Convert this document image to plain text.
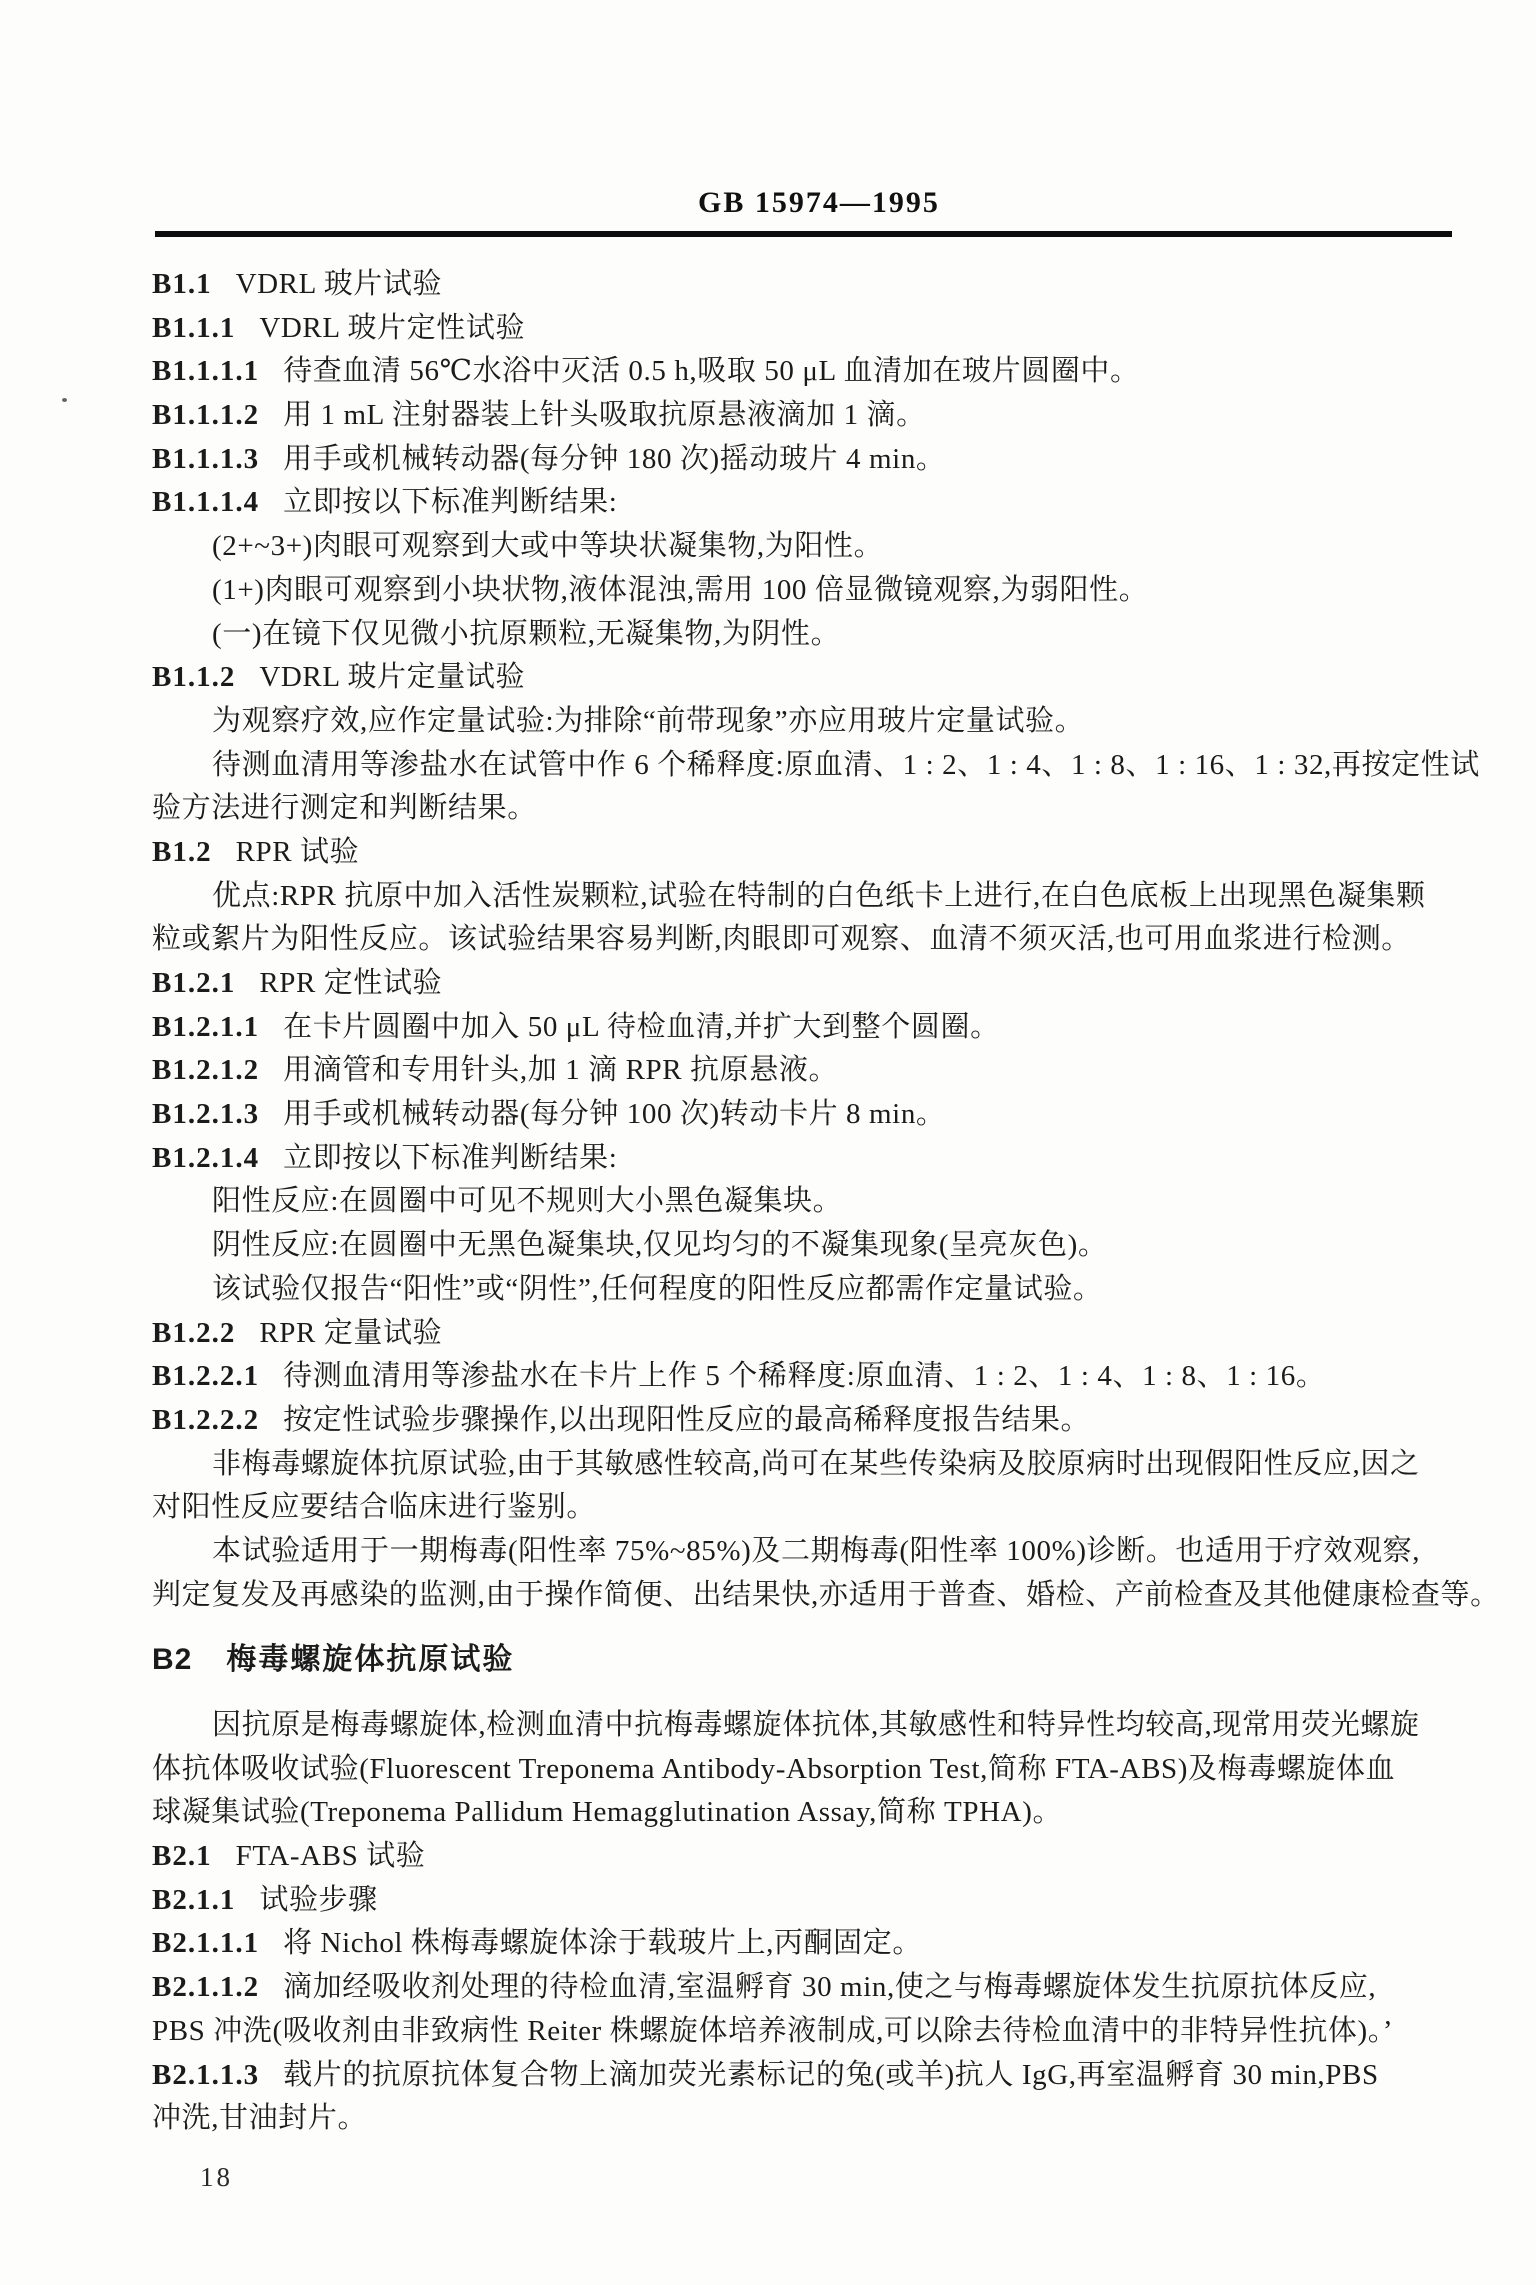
GB 15974—1995
B1.1 VDRL 玻片试验
B1.1.1 VDRL 玻片定性试验
B1.1.1.1 待查血清 56℃水浴中灭活 0.5 h,吸取 50 μL 血清加在玻片圆圈中。
B1.1.1.2 用 1 mL 注射器装上针头吸取抗原悬液滴加 1 滴。
B1.1.1.3 用手或机械转动器(每分钟 180 次)摇动玻片 4 min。
B1.1.1.4 立即按以下标准判断结果:
(2+~3+)肉眼可观察到大或中等块状凝集物,为阳性。
(1+)肉眼可观察到小块状物,液体混浊,需用 100 倍显微镜观察,为弱阳性。
(一)在镜下仅见微小抗原颗粒,无凝集物,为阴性。
B1.1.2 VDRL 玻片定量试验
为观察疗效,应作定量试验:为排除“前带现象”亦应用玻片定量试验。
待测血清用等渗盐水在试管中作 6 个稀释度:原血清、1 : 2、1 : 4、1 : 8、1 : 16、1 : 32,再按定性试
验方法进行测定和判断结果。
B1.2 RPR 试验
优点:RPR 抗原中加入活性炭颗粒,试验在特制的白色纸卡上进行,在白色底板上出现黑色凝集颗
粒或絮片为阳性反应。该试验结果容易判断,肉眼即可观察、血清不须灭活,也可用血浆进行检测。
B1.2.1 RPR 定性试验
B1.2.1.1 在卡片圆圈中加入 50 μL 待检血清,并扩大到整个圆圈。
B1.2.1.2 用滴管和专用针头,加 1 滴 RPR 抗原悬液。
B1.2.1.3 用手或机械转动器(每分钟 100 次)转动卡片 8 min。
B1.2.1.4 立即按以下标准判断结果:
阳性反应:在圆圈中可见不规则大小黑色凝集块。
阴性反应:在圆圈中无黑色凝集块,仅见均匀的不凝集现象(呈亮灰色)。
该试验仅报告“阳性”或“阴性”,任何程度的阳性反应都需作定量试验。
B1.2.2 RPR 定量试验
B1.2.2.1 待测血清用等渗盐水在卡片上作 5 个稀释度:原血清、1 : 2、1 : 4、1 : 8、1 : 16。
B1.2.2.2 按定性试验步骤操作,以出现阳性反应的最高稀释度报告结果。
非梅毒螺旋体抗原试验,由于其敏感性较高,尚可在某些传染病及胶原病时出现假阳性反应,因之
对阳性反应要结合临床进行鉴别。
本试验适用于一期梅毒(阳性率 75%~85%)及二期梅毒(阳性率 100%)诊断。也适用于疗效观察,
判定复发及再感染的监测,由于操作简便、出结果快,亦适用于普查、婚检、产前检查及其他健康检查等。
B2 梅毒螺旋体抗原试验
因抗原是梅毒螺旋体,检测血清中抗梅毒螺旋体抗体,其敏感性和特异性均较高,现常用荧光螺旋
体抗体吸收试验(Fluorescent Treponema Antibody-Absorption Test,简称 FTA-ABS)及梅毒螺旋体血
球凝集试验(Treponema Pallidum Hemagglutination Assay,简称 TPHA)。
B2.1 FTA-ABS 试验
B2.1.1 试验步骤
B2.1.1.1 将 Nichol 株梅毒螺旋体涂于载玻片上,丙酮固定。
B2.1.1.2 滴加经吸收剂处理的待检血清,室温孵育 30 min,使之与梅毒螺旋体发生抗原抗体反应,
PBS 冲洗(吸收剂由非致病性 Reiter 株螺旋体培养液制成,可以除去待检血清中的非特异性抗体)。’
B2.1.1.3 载片的抗原抗体复合物上滴加荧光素标记的兔(或羊)抗人 IgG,再室温孵育 30 min,PBS
冲洗,甘油封片。
18
